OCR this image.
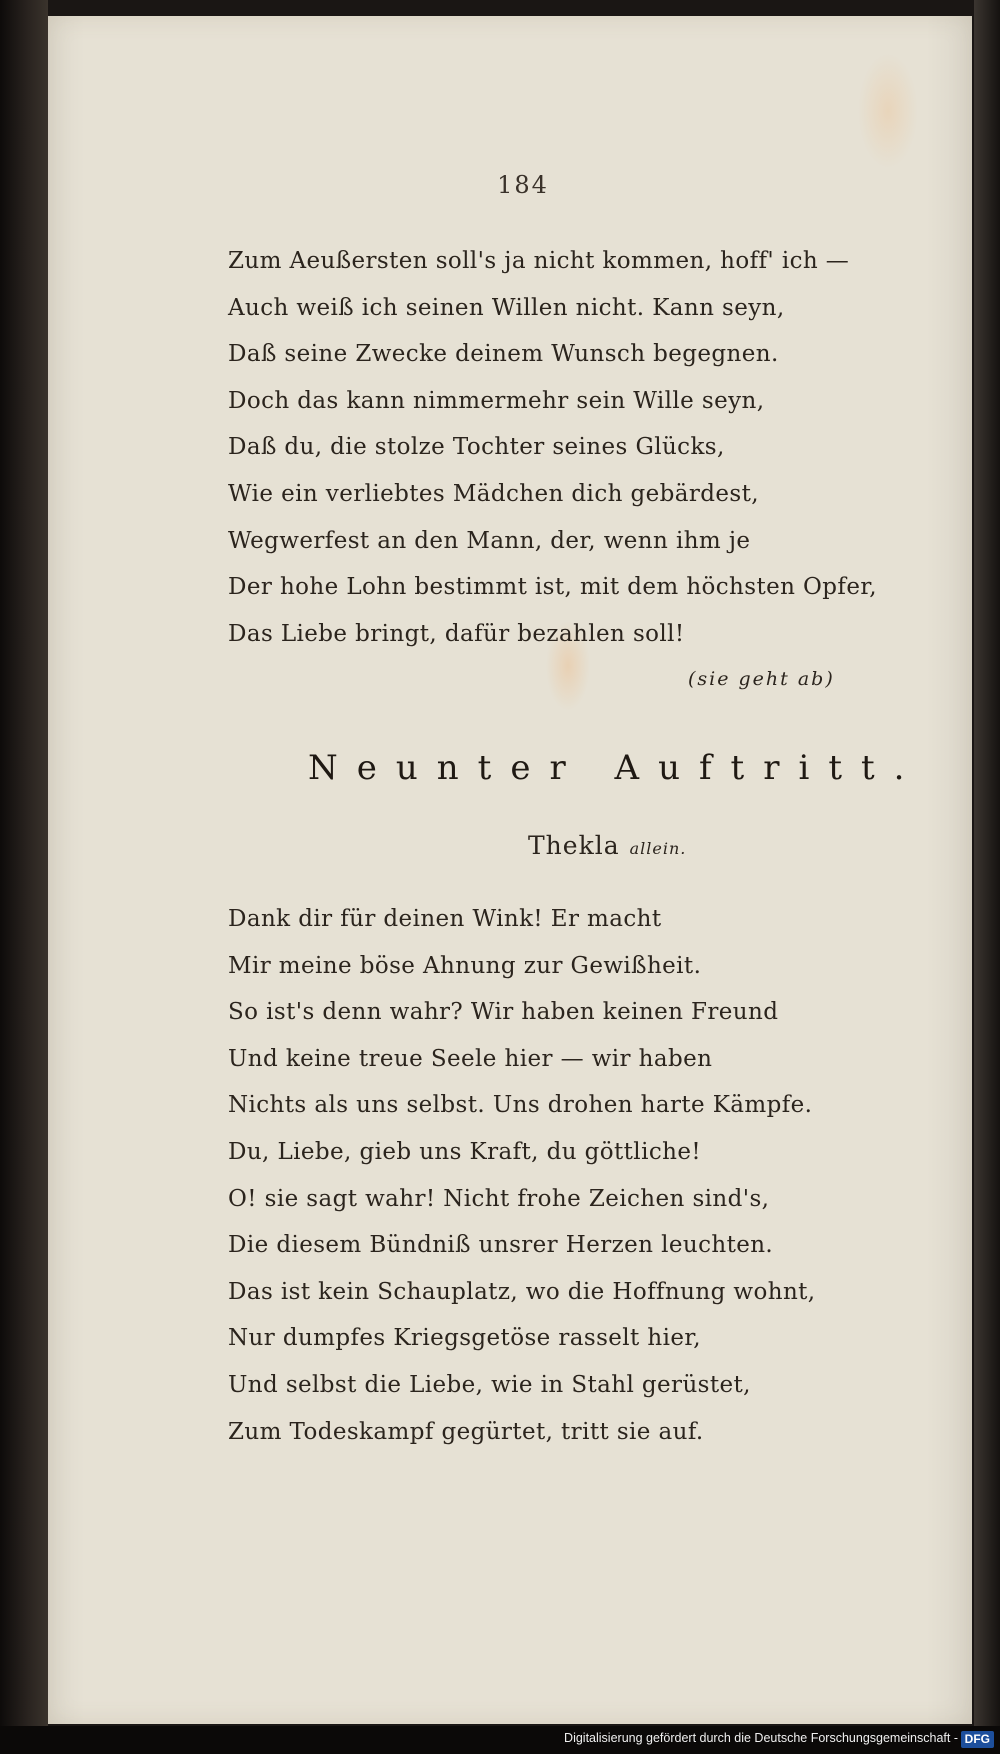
184
Zum Aeußersten soll's ja nicht kommen, hoff' ich —
Auch weiß ich seinen Willen nicht. Kann seyn,
Daß seine Zwecke deinem Wunsch begegnen.
Doch das kann nimmermehr sein Wille seyn,
Daß du, die stolze Tochter seines Glücks,
Wie ein verliebtes Mädchen dich gebärdest,
Wegwerfest an den Mann, der, wenn ihm je
Der hohe Lohn bestimmt ist, mit dem höchsten Opfer,
Das Liebe bringt, dafür bezahlen soll!
(sie geht ab)
Neunter Auftritt.
Thekla allein.
Dank dir für deinen Wink! Er macht
Mir meine böse Ahnung zur Gewißheit.
So ist's denn wahr? Wir haben keinen Freund
Und keine treue Seele hier — wir haben
Nichts als uns selbst. Uns drohen harte Kämpfe.
Du, Liebe, gieb uns Kraft, du göttliche!
O! sie sagt wahr! Nicht frohe Zeichen sind's,
Die diesem Bündniß unsrer Herzen leuchten.
Das ist kein Schauplatz, wo die Hoffnung wohnt,
Nur dumpfes Kriegsgetöse rasselt hier,
Und selbst die Liebe, wie in Stahl gerüstet,
Zum Todeskampf gegürtet, tritt sie auf.
Digitalisierung gefördert durch die Deutsche Forschungsgemeinschaft - DFG
